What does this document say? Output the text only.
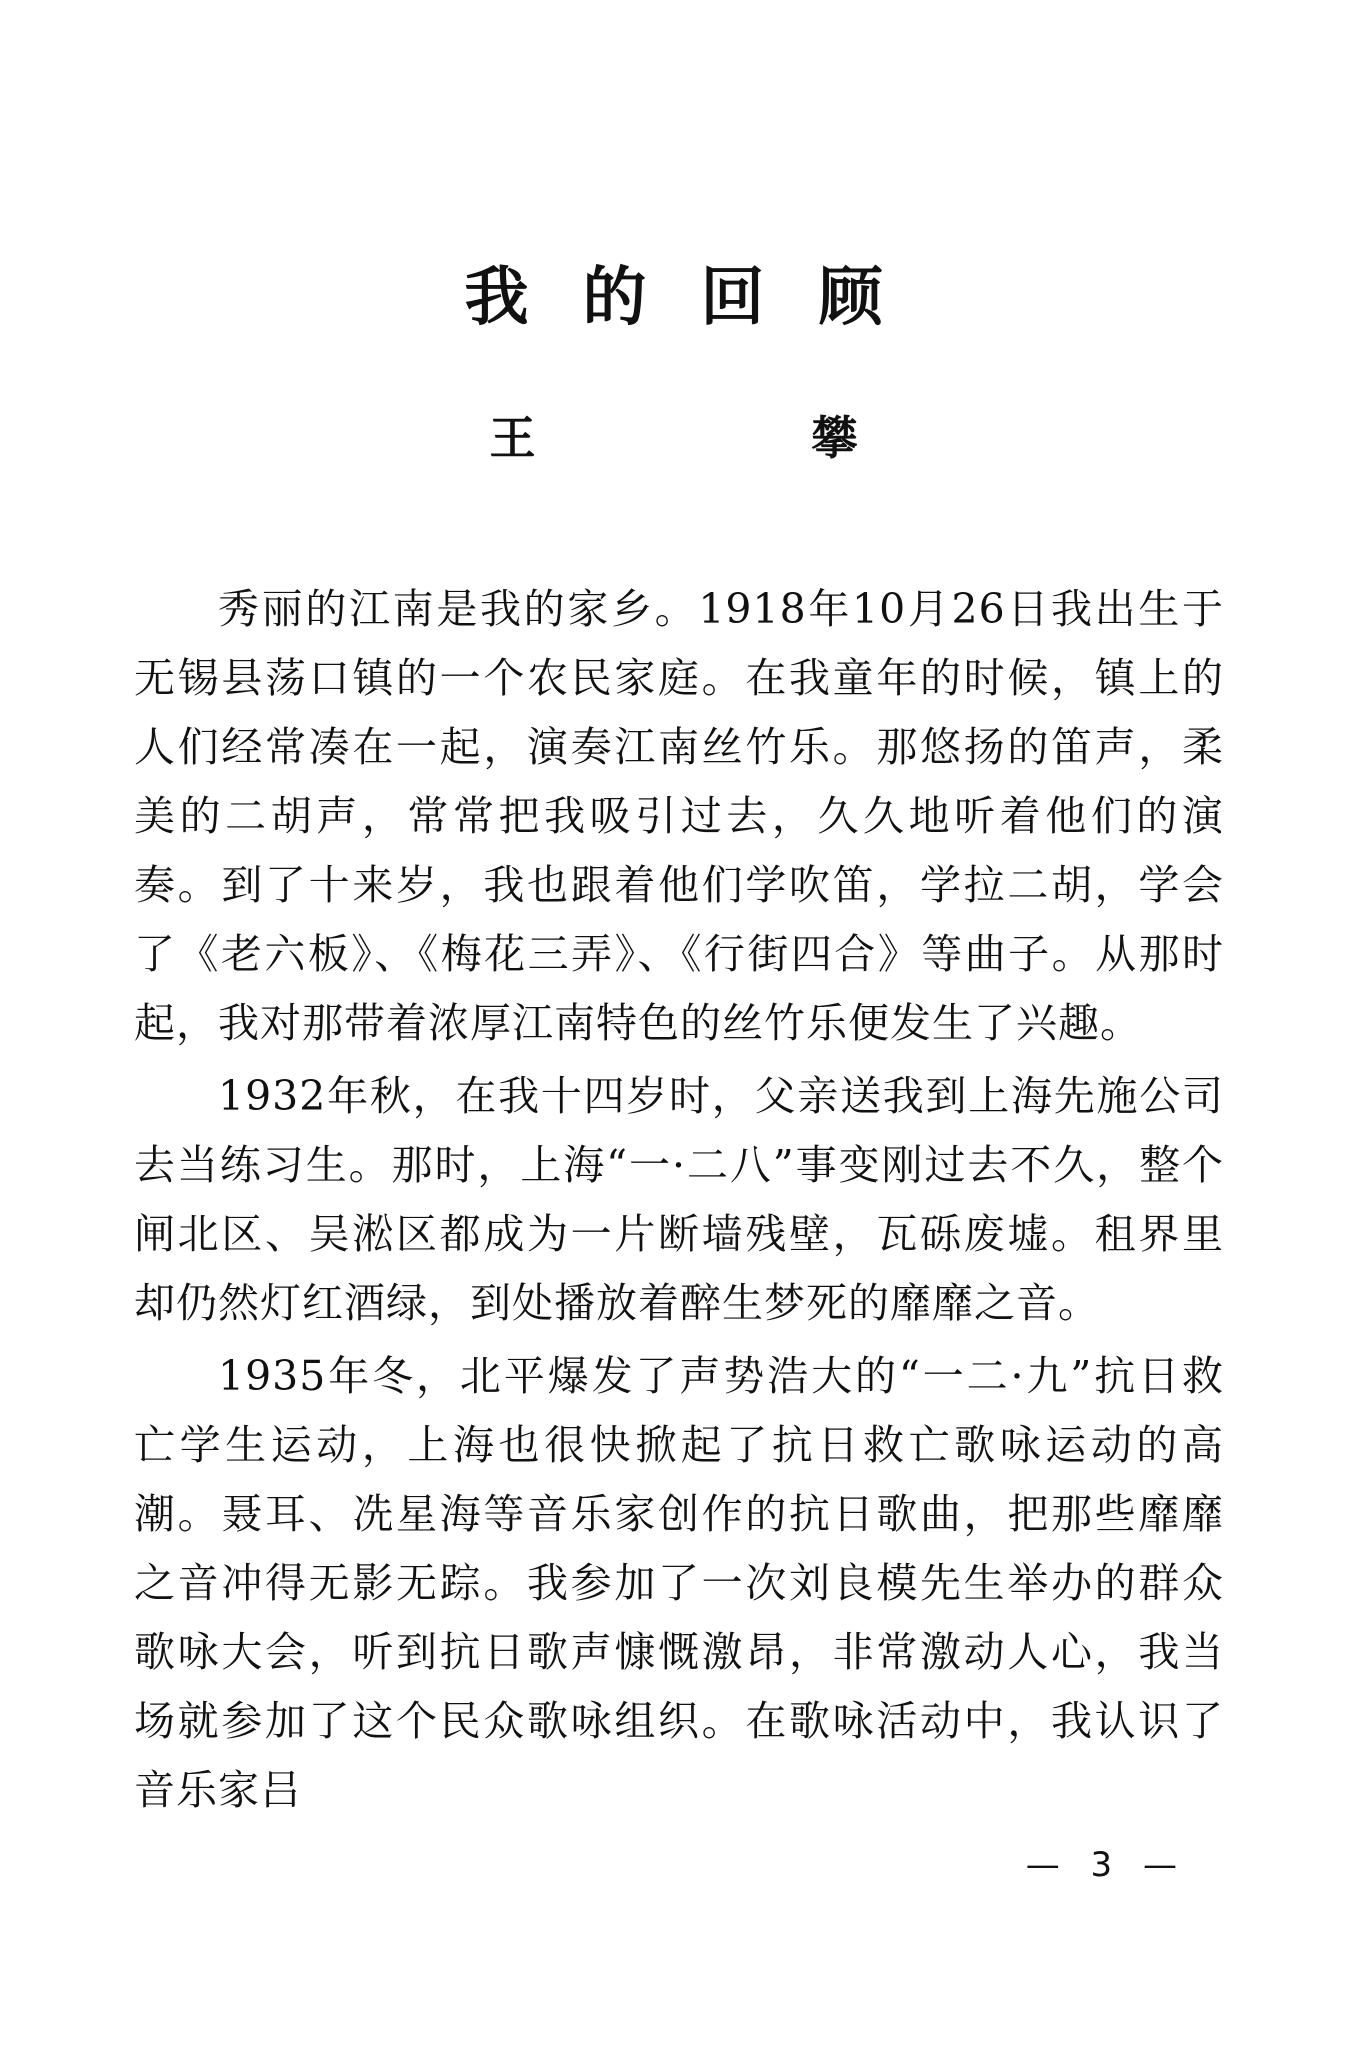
我的回顾
王 攀

秀丽的江南是我的家乡。1918年10月26日我出生于无锡县荡口镇的一个农民家庭。在我童年的时候，镇上的人们经常凑在一起，演奏江南丝竹乐。那悠扬的笛声，柔美的二胡声，常常把我吸引过去，久久地听着他们的演奏。到了十来岁，我也跟着他们学吹笛，学拉二胡，学会了《老六板》、《梅花三弄》、《行街四合》等曲子。从那时起，我对那带着浓厚江南特色的丝竹乐便发生了兴趣。

1932年秋，在我十四岁时，父亲送我到上海先施公司去当练习生。那时，上海“一·二八”事变刚过去不久，整个闸北区、吴淞区都成为一片断墙残壁，瓦砾废墟。租界里却仍然灯红酒绿，到处播放着醉生梦死的靡靡之音。

1935年冬，北平爆发了声势浩大的“一二·九”抗日救亡学生运动，上海也很快掀起了抗日救亡歌咏运动的高潮。聂耳、冼星海等音乐家创作的抗日歌曲，把那些靡靡之音冲得无影无踪。我参加了一次刘良模先生举办的群众歌咏大会，听到抗日歌声慷慨激昂，非常激动人心，我当场就参加了这个民众歌咏组织。在歌咏活动中，我认识了音乐家吕

— 3 —
